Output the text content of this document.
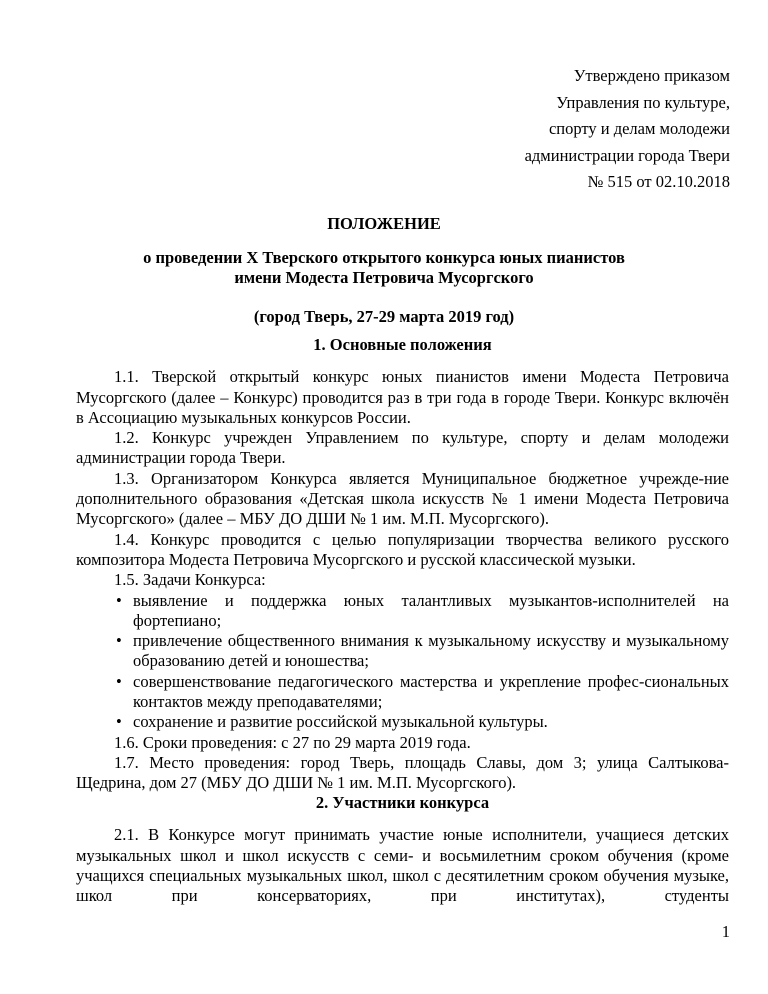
Утверждено приказом
Управления по культуре,
спорту и делам молодежи
администрации города Твери
№ 515 от 02.10.2018
ПОЛОЖЕНИЕ
о проведении X Тверского открытого конкурса юных пианистов
имени Модеста Петровича Мусоргского
(город Тверь, 27-29 марта 2019 год)
1. Основные положения

1.1. Тверской открытый конкурс юных пианистов имени Модеста Петровича Мусоргского (далее – Конкурс) проводится раз в три года в городе Твери. Конкурс включён в Ассоциацию музыкальных конкурсов России.

1.2. Конкурс учрежден Управлением по культуре, спорту и делам молодежи администрации города Твери.

1.3. Организатором Конкурса является Муниципальное бюджетное учрежде-ние дополнительного образования «Детская школа искусств № 1 имени Модеста Петровича Мусоргского» (далее – МБУ ДО ДШИ № 1 им. М.П. Мусоргского).

1.4. Конкурс проводится с целью популяризации творчества великого русского композитора Модеста Петровича Мусоргского и русской классической музыки.

1.5. Задачи Конкурса:

• выявление и поддержка юных талантливых музыкантов-исполнителей на фортепиано;
• привлечение общественного внимания к музыкальному искусству и музыкальному образованию детей и юношества;
• совершенствование педагогического мастерства и укрепление профес-сиональных контактов между преподавателями;
• сохранение и развитие российской музыкальной культуры.

1.6. Сроки проведения: с 27 по 29 марта 2019 года.

1.7. Место проведения: город Тверь, площадь Славы, дом 3; улица Салтыкова-Щедрина, дом 27 (МБУ ДО ДШИ № 1 им. М.П. Мусоргского).

2. Участники конкурса

2.1. В Конкурсе могут принимать участие юные исполнители, учащиеся детских музыкальных школ и школ искусств с семи- и восьмилетним сроком обучения (кроме учащихся специальных музыкальных школ, школ с десятилетним сроком обучения музыке, школ при консерваториях, при институтах), студенты

1
